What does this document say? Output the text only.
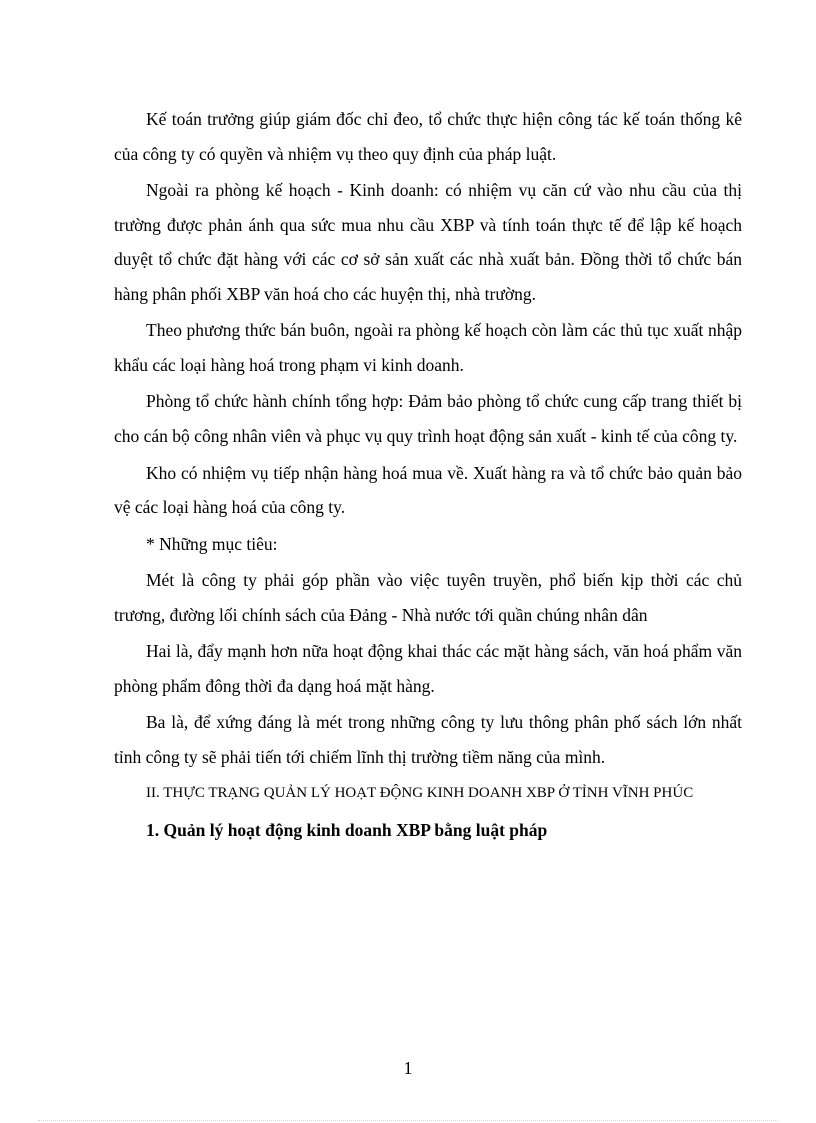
Kế toán trưởng giúp giám đốc chỉ đeo, tổ chức thực hiện công tác kế toán thống kê của công ty có quyền và nhiệm vụ theo quy định của pháp luật.

Ngoài ra phòng kế hoạch - Kinh doanh: có nhiệm vụ căn cứ vào nhu cầu của thị trường được phản ánh qua sức mua nhu cầu XBP và tính toán thực tế để lập kế hoạch duyệt tổ chức đặt hàng với các cơ sở sản xuất các nhà xuất bản. Đồng thời tổ chức bán hàng phân phối XBP văn hoá cho các huyện thị, nhà trường.

Theo phương thức bán buôn, ngoài ra phòng kế hoạch còn làm các thủ tục xuất nhập khẩu các loại hàng hoá trong phạm vi kinh doanh.

Phòng tổ chức hành chính tổng hợp: Đảm bảo phòng tổ chức cung cấp trang thiết bị cho cán bộ công nhân viên và phục vụ quy trình hoạt động sản xuất - kinh tế của công ty.

Kho có nhiệm vụ tiếp nhận hàng hoá mua về. Xuất hàng ra và tổ chức bảo quản bảo vệ các loại hàng hoá của công ty.

* Những mục tiêu:

Mét là công ty phải góp phần vào việc tuyên truyền, phổ biến kịp thời các chủ trương, đường lối chính sách của Đảng - Nhà nước tới quần chúng nhân dân

Hai là, đẩy mạnh hơn nữa hoạt động khai thác các mặt hàng sách, văn hoá phẩm văn phòng phẩm đông thời đa dạng hoá mặt hàng.

Ba là, để xứng đáng là mét trong những công ty lưu thông phân phố sách lớn nhất tỉnh công ty sẽ phải tiến tới chiếm lĩnh thị trường tiềm năng của mình.

II. THỰC TRẠNG QUẢN LÝ HOẠT ĐỘNG KINH DOANH XBP Ở TỈNH VĨNH PHÚC

1. Quản lý hoạt động kinh doanh XBP bằng luật pháp

1
